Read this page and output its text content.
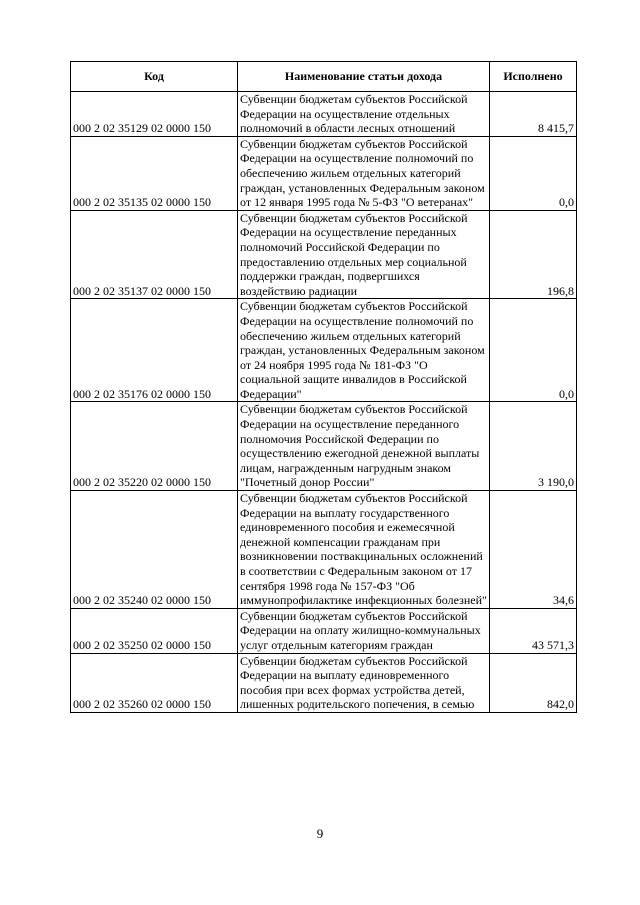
Код	Наименование статьи дохода	Исполнено
000 2 02 35129 02 0000 150	Субвенции бюджетам субъектов Российской Федерации на осуществление отдельных полномочий в области лесных отношений	8 415,7
000 2 02 35135 02 0000 150	Субвенции бюджетам субъектов Российской Федерации на осуществление полномочий по обеспечению жильем отдельных категорий граждан, установленных Федеральным законом от 12 января 1995 года № 5-ФЗ "О ветеранах"	0,0
000 2 02 35137 02 0000 150	Субвенции бюджетам субъектов Российской Федерации на осуществление переданных полномочий Российской Федерации по предоставлению отдельных мер социальной поддержки граждан, подвергшихся воздействию радиации	196,8
000 2 02 35176 02 0000 150	Субвенции бюджетам субъектов Российской Федерации на осуществление полномочий по обеспечению жильем отдельных категорий граждан, установленных Федеральным законом от 24 ноября 1995 года № 181-ФЗ "О социальной защите инвалидов в Российской Федерации"	0,0
000 2 02 35220 02 0000 150	Субвенции бюджетам субъектов Российской Федерации на осуществление переданного полномочия Российской Федерации по осуществлению ежегодной денежной выплаты лицам, награжденным нагрудным знаком "Почетный донор России"	3 190,0
000 2 02 35240 02 0000 150	Субвенции бюджетам субъектов Российской Федерации на выплату государственного единовременного пособия и ежемесячной денежной компенсации гражданам при возникновении поствакцинальных осложнений в соответствии с Федеральным законом от 17 сентября 1998 года № 157-ФЗ "Об иммунопрофилактике инфекционных болезней"	34,6
000 2 02 35250 02 0000 150	Субвенции бюджетам субъектов Российской Федерации на оплату жилищно-коммунальных услуг отдельным категориям граждан	43 571,3
000 2 02 35260 02 0000 150	Субвенции бюджетам субъектов Российской Федерации на выплату единовременного пособия при всех формах устройства детей, лишенных родительского попечения, в семью	842,0
9
